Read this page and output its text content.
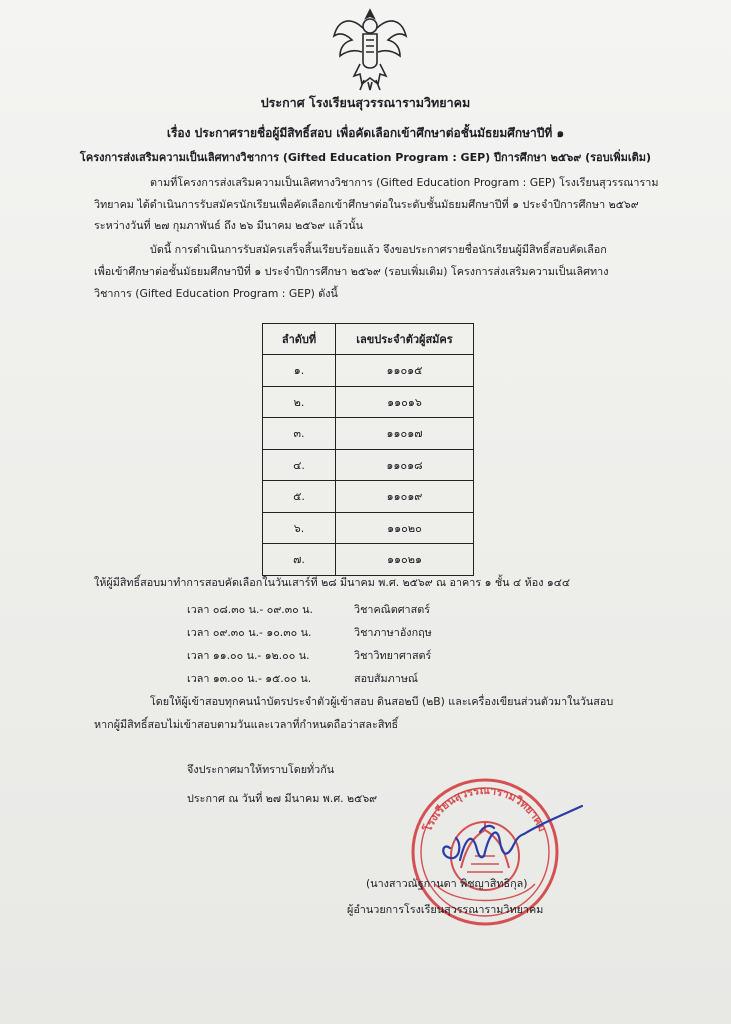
ประกาศ โรงเรียนสุวรรณารามวิทยาคม
เรื่อง ประกาศรายชื่อผู้มีสิทธิ์สอบ เพื่อคัดเลือกเข้าศึกษาต่อชั้นมัธยมศึกษาปีที่ ๑
โครงการส่งเสริมความเป็นเลิศทางวิชาการ (Gifted Education Program : GEP) ปีการศึกษา ๒๕๖๙ (รอบเพิ่มเติม)
ตามที่โครงการส่งเสริมความเป็นเลิศทางวิชาการ (Gifted Education Program : GEP) โรงเรียนสุวรรณาราม
วิทยาคม ได้ดำเนินการรับสมัครนักเรียนเพื่อคัดเลือกเข้าศึกษาต่อในระดับชั้นมัธยมศึกษาปีที่ ๑ ประจำปีการศึกษา ๒๕๖๙
ระหว่างวันที่ ๒๗ กุมภาพันธ์ ถึง ๒๖ มีนาคม ๒๕๖๙ แล้วนั้น
บัดนี้ การดำเนินการรับสมัครเสร็จสิ้นเรียบร้อยแล้ว จึงขอประกาศรายชื่อนักเรียนผู้มีสิทธิ์สอบคัดเลือก
เพื่อเข้าศึกษาต่อชั้นมัธยมศึกษาปีที่ ๑ ประจำปีการศึกษา ๒๕๖๙ (รอบเพิ่มเติม) โครงการส่งเสริมความเป็นเลิศทาง
วิชาการ (Gifted Education Program : GEP) ดังนี้
ลำดับที่	เลขประจำตัวผู้สมัคร
๑.	๑๑๐๑๕
๒.	๑๑๐๑๖
๓.	๑๑๐๑๗
๔.	๑๑๐๑๘
๕.	๑๑๐๑๙
๖.	๑๑๐๒๐
๗.	๑๑๐๒๑
ให้ผู้มีสิทธิ์สอบมาทำการสอบคัดเลือกในวันเสาร์ที่ ๒๘ มีนาคม พ.ศ. ๒๕๖๙ ณ อาคาร ๑ ชั้น ๔ ห้อง ๑๔๔
เวลา ๐๘.๓๐ น.- ๐๙.๓๐ น.	วิชาคณิตศาสตร์
เวลา ๐๙.๓๐ น.- ๑๐.๓๐ น.	วิชาภาษาอังกฤษ
เวลา ๑๑.๐๐ น.- ๑๒.๐๐ น.	วิชาวิทยาศาสตร์
เวลา ๑๓.๐๐ น.- ๑๕.๐๐ น.	สอบสัมภาษณ์
โดยให้ผู้เข้าสอบทุกคนนำบัตรประจำตัวผู้เข้าสอบ ดินสอ๒บี (๒B) และเครื่องเขียนส่วนตัวมาในวันสอบ
หากผู้มีสิทธิ์สอบไม่เข้าสอบตามวันและเวลาที่กำหนดถือว่าสละสิทธิ์
จึงประกาศมาให้ทราบโดยทั่วกัน
ประกาศ ณ วันที่ ๒๗ มีนาคม พ.ศ. ๒๕๖๙
โรงเรียนสุวรรณารามวิทยาคม
(นางสาวณัฐกานดา พิชญาสิทธิกุล)
ผู้อำนวยการโรงเรียนสุวรรณารามวิทยาคม
